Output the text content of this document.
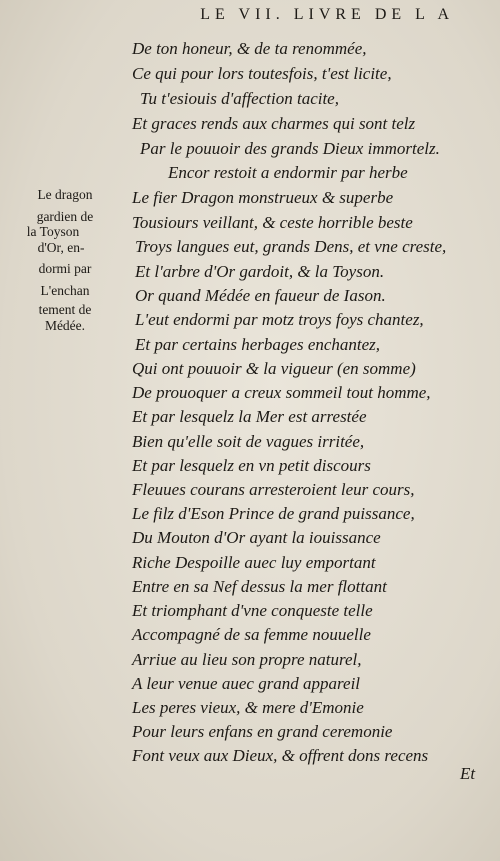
LE VII. LIVRE DE L A
De ton honeur, & de ta renommée,
Ce qui pour lors toutesfois, t'est licite,
Tu t'esiouis d'affection tacite,
Et graces rends aux charmes qui sont telz
Par le pouuoir des grands Dieux immortelz.
Encor restoit a endormir par herbe
Le fier Dragon monstrueux & superbe
Tousiours veillant, & ceste horrible beste
Troys langues eut, grands Dens, et vne creste,
Et l'arbre d'Or gardoit, & la Toyson.
Or quand Médée en faueur de Iason.
L'eut endormi par motz troys foys chantez,
Et par certains herbages enchantez,
Qui ont pouuoir & la vigueur (en somme)
De prouoquer a creux sommeil tout homme,
Et par lesquelz la Mer est arrestée
Bien qu'elle soit de vagues irritée,
Et par lesquelz en vn petit discours
Fleuues courans arresteroient leur cours,
Le filz d'Eson Prince de grand puissance,
Du Mouton d'Or ayant la iouissance
Riche Despoille auec luy emportant
Entre en sa Nef dessus la mer flottant
Et triomphant d'vne conqueste telle
Accompagné de sa femme nouuelle
Arriue au lieu son propre naturel,
A leur venue auec grand appareil
Les peres vieux, & mere d'Emonie
Pour leurs enfans en grand ceremonie
Font veux aux Dieux, & offrent dons recens
Le dragon
gardien de
la Toyson
d'Or, en-
dormi par
L'enchan
tement de
Médée.
Et
